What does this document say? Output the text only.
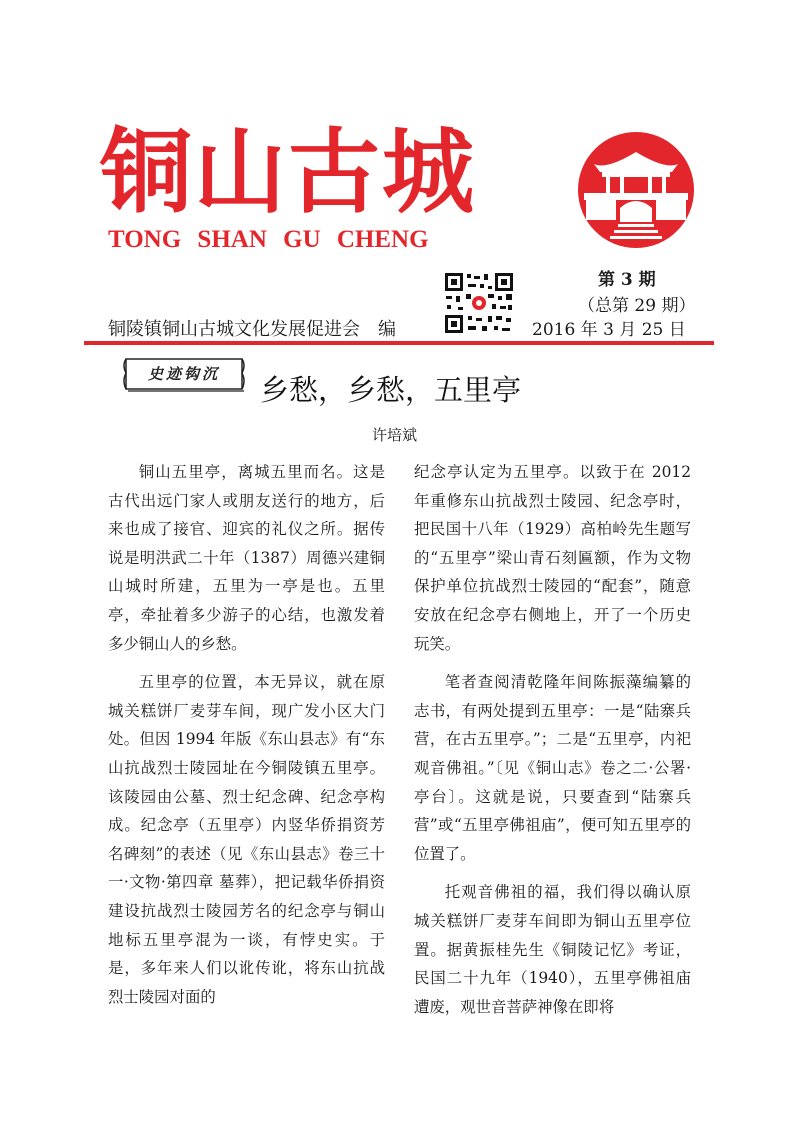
铜山古城
TONG SHAN GU CHENG
第 3 期
（总第 29 期）
铜陵镇铜山古城文化发展促进会　编	2016 年 3 月 25 日
史迹钩沉	乡愁，乡愁，五里亭
许培斌

铜山五里亭，离城五里而名。这是古代出远门家人或朋友送行的地方，后来也成了接官、迎宾的礼仪之所。据传说是明洪武二十年（1387）周德兴建铜山城时所建，五里为一亭是也。五里亭，牵扯着多少游子的心结，也激发着多少铜山人的乡愁。

五里亭的位置，本无异议，就在原城关糕饼厂麦芽车间，现广发小区大门处。但因 1994 年版《东山县志》有“东山抗战烈士陵园址在今铜陵镇五里亭。该陵园由公墓、烈士纪念碑、纪念亭构成。纪念亭（五里亭）内竖华侨捐资芳名碑刻”的表述（见《东山县志》卷三十一·文物·第四章 墓葬），把记载华侨捐资建设抗战烈士陵园芳名的纪念亭与铜山地标五里亭混为一谈，有悖史实。于是，多年来人们以讹传讹，将东山抗战烈士陵园对面的

纪念亭认定为五里亭。以致于在 2012 年重修东山抗战烈士陵园、纪念亭时，把民国十八年（1929）高柏岭先生题写的“五里亭”梁山青石刻匾额，作为文物保护单位抗战烈士陵园的“配套”，随意安放在纪念亭右侧地上，开了一个历史玩笑。

笔者查阅清乾隆年间陈振藻编纂的志书，有两处提到五里亭：一是“陆寨兵营，在古五里亭。”；二是“五里亭，内祀观音佛祖。”〔见《铜山志》卷之二·公署·亭台〕。这就是说，只要查到“陆寨兵营”或“五里亭佛祖庙”，便可知五里亭的位置了。

托观音佛祖的福，我们得以确认原城关糕饼厂麦芽车间即为铜山五里亭位置。据黄振桂先生《铜陵记忆》考证，民国二十九年（1940），五里亭佛祖庙遭废，观世音菩萨神像在即将
